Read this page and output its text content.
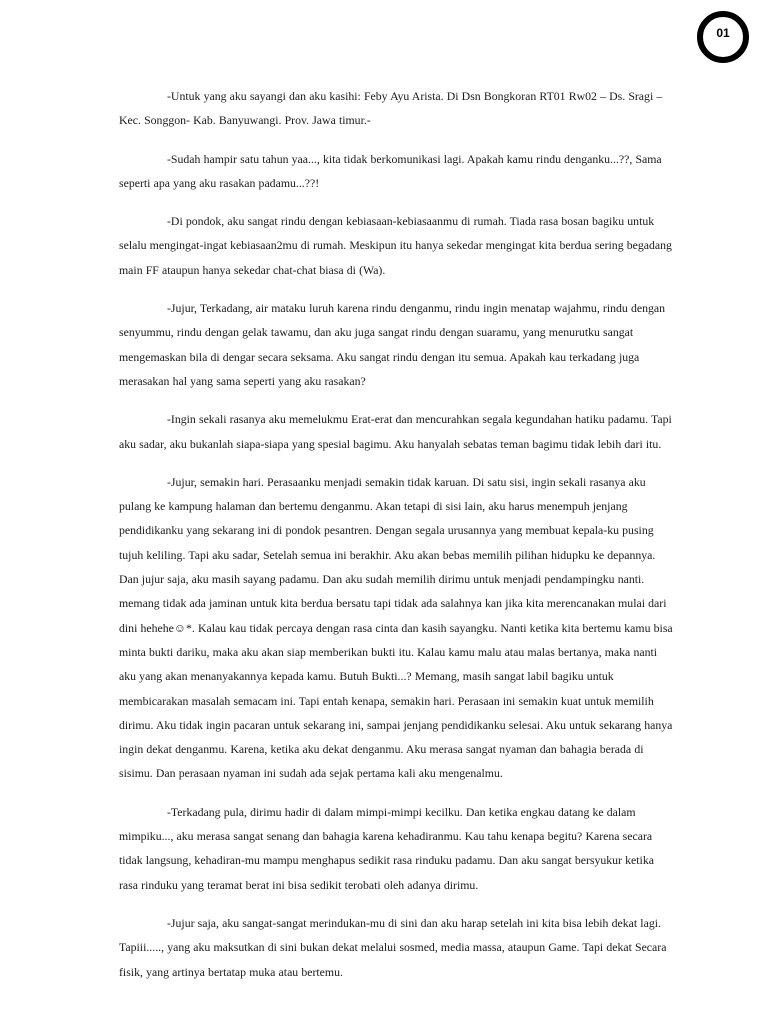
01

-Untuk yang aku sayangi dan aku kasihi: Feby Ayu Arista. Di Dsn Bongkoran RT01 Rw02 – Ds. Sragi – Kec. Songgon- Kab. Banyuwangi. Prov. Jawa timur.-

-Sudah hampir satu tahun yaa..., kita tidak berkomunikasi lagi. Apakah kamu rindu denganku...??, Sama seperti apa yang aku rasakan padamu...??!

-Di pondok, aku sangat rindu dengan kebiasaan-kebiasaanmu di rumah. Tiada rasa bosan bagiku untuk selalu mengingat-ingat kebiasaan2mu di rumah. Meskipun itu hanya sekedar mengingat kita berdua sering begadang main FF ataupun hanya sekedar chat-chat biasa di (Wa).

-Jujur, Terkadang, air mataku luruh karena rindu denganmu, rindu ingin menatap wajahmu, rindu dengan senyummu, rindu dengan gelak tawamu, dan aku juga sangat rindu dengan suaramu, yang menurutku sangat mengemaskan bila di dengar secara seksama. Aku sangat rindu dengan itu semua. Apakah kau terkadang juga merasakan hal yang sama seperti yang aku rasakan?

-Ingin sekali rasanya aku memelukmu Erat-erat dan mencurahkan segala kegundahan hatiku padamu. Tapi aku sadar, aku bukanlah siapa-siapa yang spesial bagimu. Aku hanyalah sebatas teman bagimu tidak lebih dari itu.

-Jujur, semakin hari. Perasaanku menjadi semakin tidak karuan. Di satu sisi, ingin sekali rasanya aku pulang ke kampung halaman dan bertemu denganmu. Akan tetapi di sisi lain, aku harus menempuh jenjang pendidikanku yang sekarang ini di pondok pesantren. Dengan segala urusannya yang membuat kepala-ku pusing tujuh keliling. Tapi aku sadar, Setelah semua ini berakhir. Aku akan bebas memilih pilihan hidupku ke depannya. Dan jujur saja, aku masih sayang padamu. Dan aku sudah memilih dirimu untuk menjadi pendampingku nanti. memang tidak ada jaminan untuk kita berdua bersatu tapi tidak ada salahnya kan jika kita merencanakan mulai dari dini hehehe☺*. Kalau kau tidak percaya dengan rasa cinta dan kasih sayangku. Nanti ketika kita bertemu kamu bisa minta bukti dariku, maka aku akan siap memberikan bukti itu. Kalau kamu malu atau malas bertanya, maka nanti aku yang akan menanyakannya kepada kamu. Butuh Bukti...? Memang, masih sangat labil bagiku untuk membicarakan masalah semacam ini. Tapi entah kenapa, semakin hari. Perasaan ini semakin kuat untuk memilih dirimu. Aku tidak ingin pacaran untuk sekarang ini, sampai jenjang pendidikanku selesai. Aku untuk sekarang hanya ingin dekat denganmu. Karena, ketika aku dekat denganmu. Aku merasa sangat nyaman dan bahagia berada di sisimu. Dan perasaan nyaman ini sudah ada sejak pertama kali aku mengenalmu.

-Terkadang pula, dirimu hadir di dalam mimpi-mimpi kecilku. Dan ketika engkau datang ke dalam mimpiku..., aku merasa sangat senang dan bahagia karena kehadiranmu. Kau tahu kenapa begitu? Karena secara tidak langsung, kehadiran-mu mampu menghapus sedikit rasa rinduku padamu. Dan aku sangat bersyukur ketika rasa rinduku yang teramat berat ini bisa sedikit terobati oleh adanya dirimu.

-Jujur saja, aku sangat-sangat merindukan-mu di sini dan aku harap setelah ini kita bisa lebih dekat lagi. Tapiii....., yang aku maksutkan di sini bukan dekat melalui sosmed, media massa, ataupun Game. Tapi dekat Secara fisik, yang artinya bertatap muka atau bertemu.
